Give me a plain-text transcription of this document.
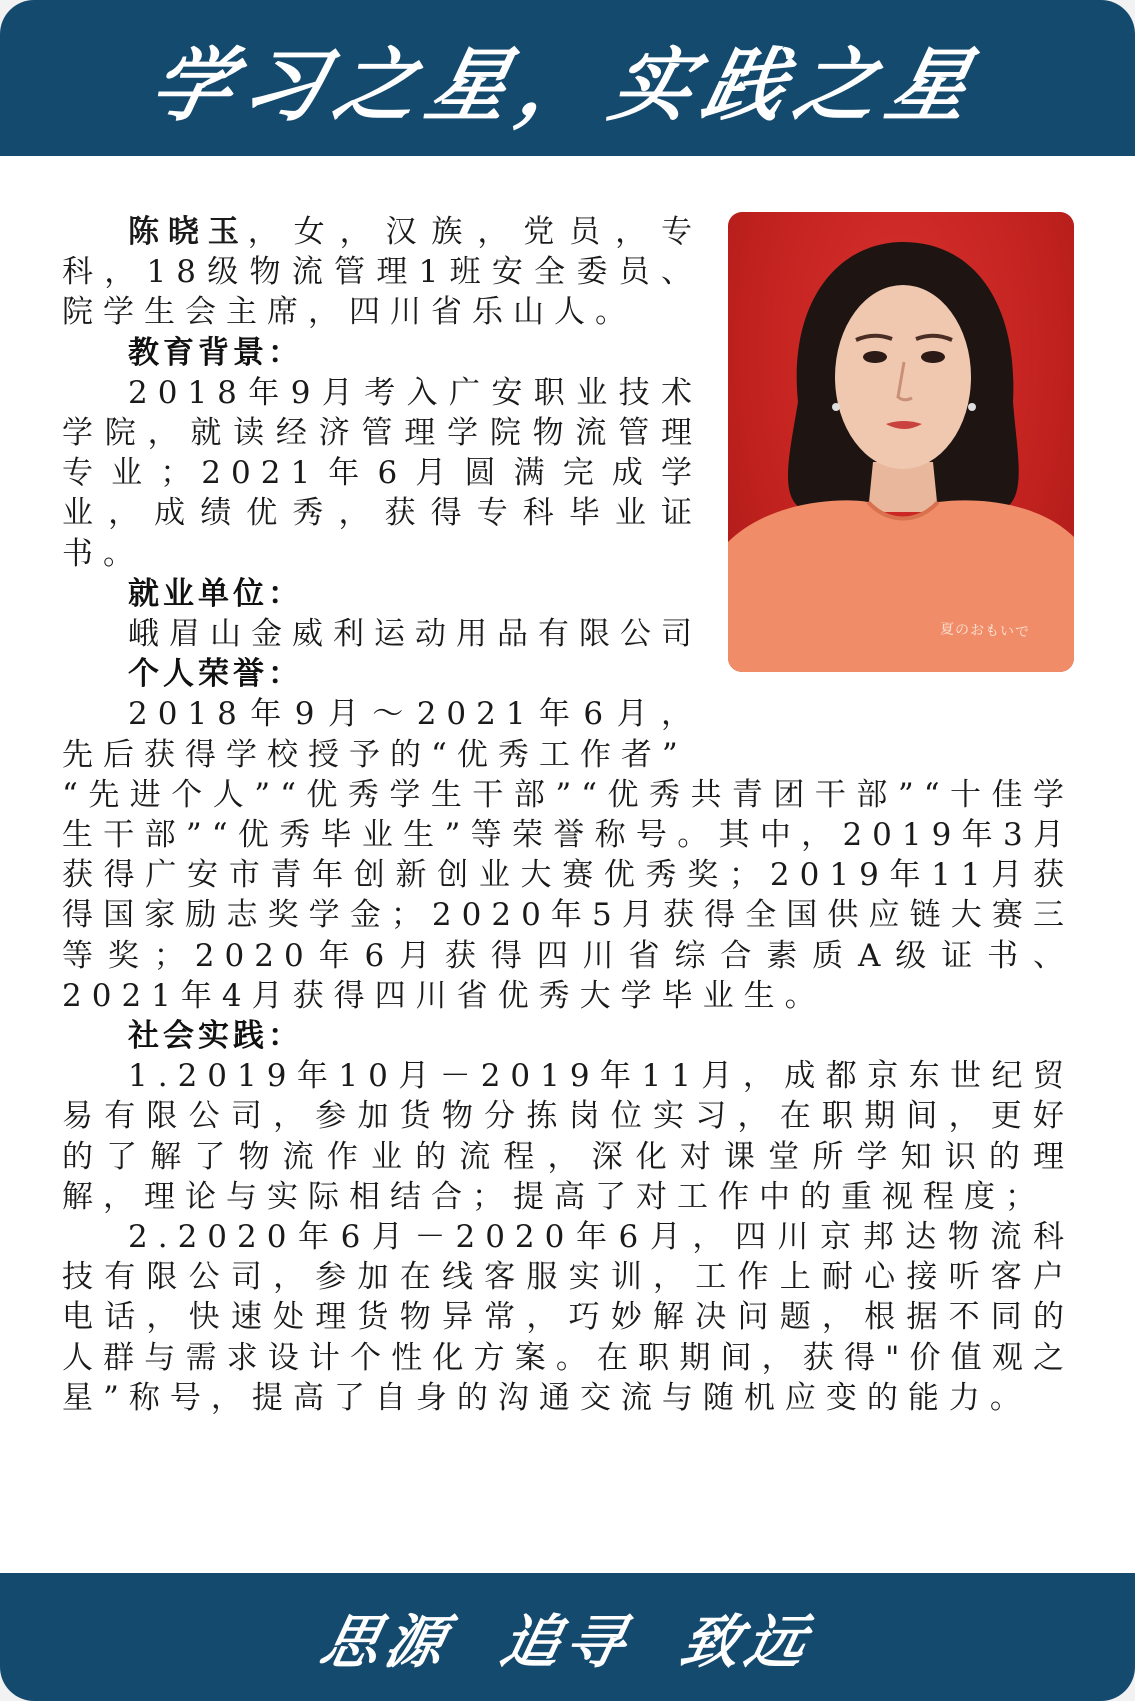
学习之星，实践之星
夏のおもいで
陈晓玉，女，汉族，党员，专科，18级物流管理1班安全委员、院学生会主席，四川省乐山人。
教育背景：
2018年9月考入广安职业技术学院，就读经济管理学院物流管理专业；2021年6月圆满完成学业，成绩优秀，获得专科毕业证书。
就业单位：
峨眉山金威利运动用品有限公司
个人荣誉：
2018年9月～2021年6月，先后获得学校授予的“优秀工作者”
“先进个人”“优秀学生干部”“优秀共青团干部”“十佳学生干部”“优秀毕业生”等荣誉称号。其中，2019年3月获得广安市青年创新创业大赛优秀奖；2019年11月获得国家励志奖学金；2020年5月获得全国供应链大赛三等奖；2020年6月获得四川省综合素质A级证书、2021年4月获得四川省优秀大学毕业生。
社会实践：
1.2019年10月－2019年11月，成都京东世纪贸易有限公司，参加货物分拣岗位实习，在职期间，更好的了解了物流作业的流程，深化对课堂所学知识的理解，理论与实际相结合；提高了对工作中的重视程度；
2.2020年6月－2020年6月，四川京邦达物流科技有限公司，参加在线客服实训，工作上耐心接听客户电话，快速处理货物异常，巧妙解决问题，根据不同的人群与需求设计个性化方案。在职期间，获得"价值观之星”称号，提高了自身的沟通交流与随机应变的能力。
思源 追寻 致远
